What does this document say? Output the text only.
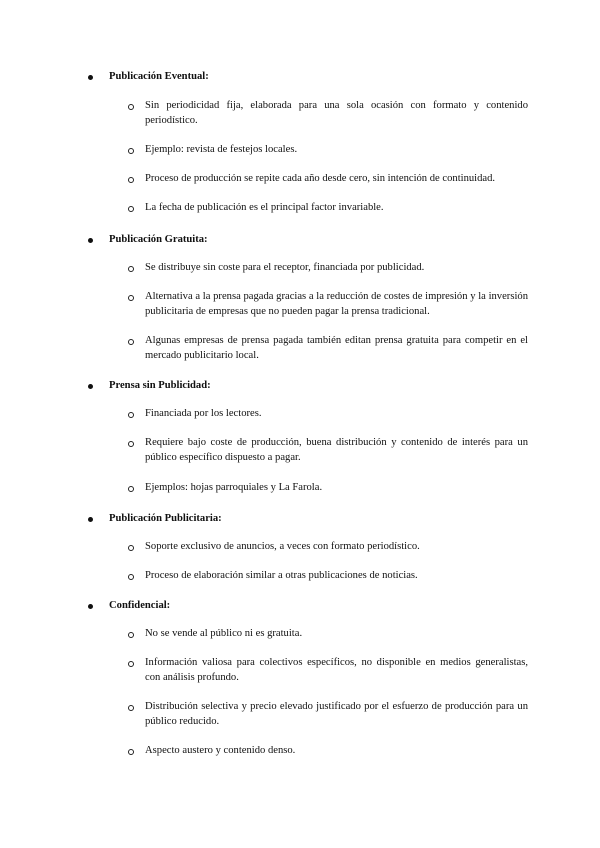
Publicación Eventual:
Sin periodicidad fija, elaborada para una sola ocasión con formato y contenido periodístico.
Ejemplo: revista de festejos locales.
Proceso de producción se repite cada año desde cero, sin intención de continuidad.
La fecha de publicación es el principal factor invariable.
Publicación Gratuita:
Se distribuye sin coste para el receptor, financiada por publicidad.
Alternativa a la prensa pagada gracias a la reducción de costes de impresión y la inversión publicitaria de empresas que no pueden pagar la prensa tradicional.
Algunas empresas de prensa pagada también editan prensa gratuita para competir en el mercado publicitario local.
Prensa sin Publicidad:
Financiada por los lectores.
Requiere bajo coste de producción, buena distribución y contenido de interés para un público específico dispuesto a pagar.
Ejemplos: hojas parroquiales y La Farola.
Publicación Publicitaria:
Soporte exclusivo de anuncios, a veces con formato periodístico.
Proceso de elaboración similar a otras publicaciones de noticias.
Confidencial:
No se vende al público ni es gratuita.
Información valiosa para colectivos específicos, no disponible en medios generalistas, con análisis profundo.
Distribución selectiva y precio elevado justificado por el esfuerzo de producción para un público reducido.
Aspecto austero y contenido denso.
